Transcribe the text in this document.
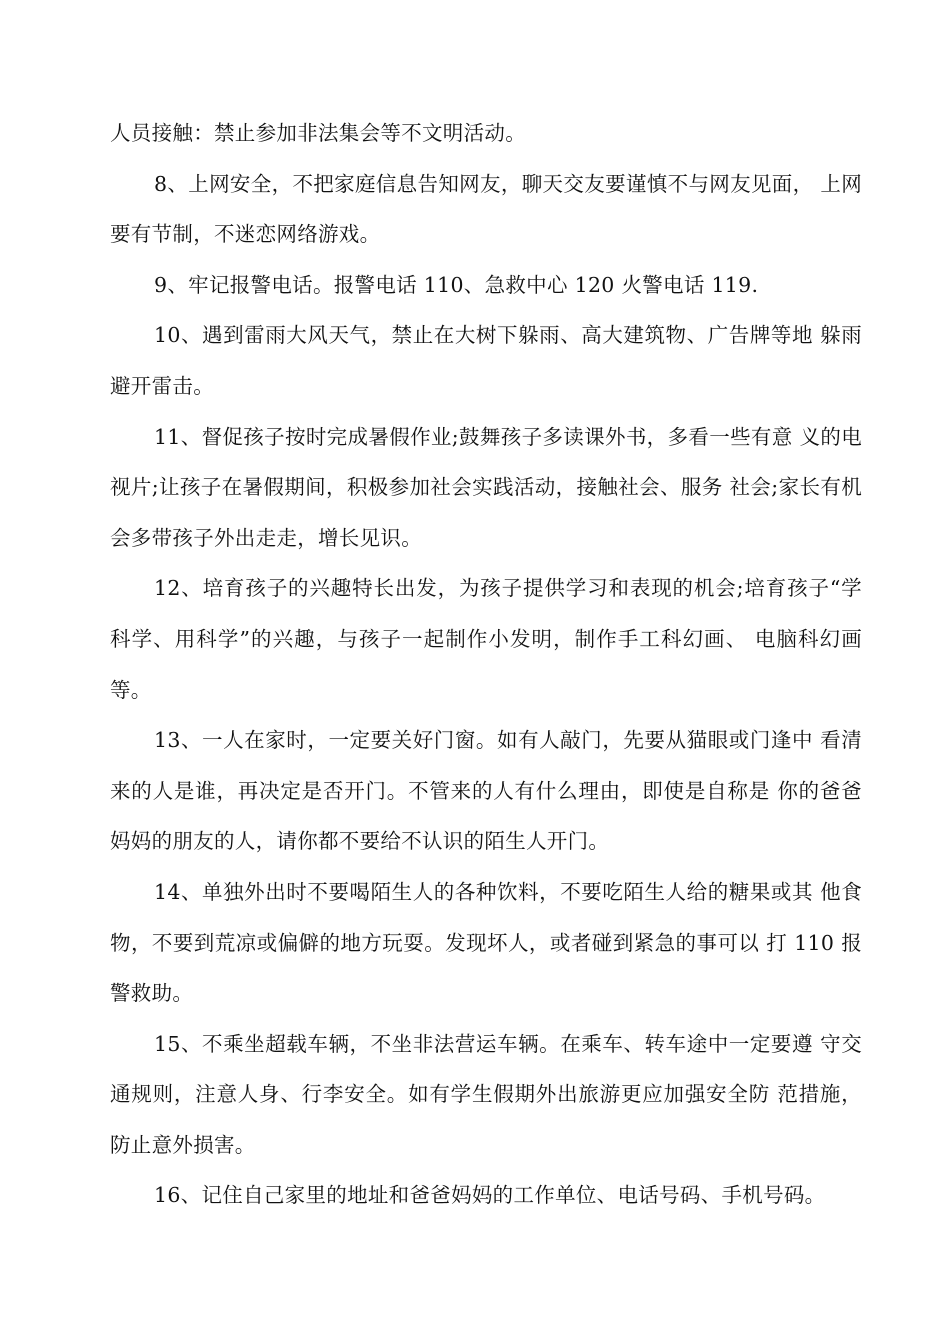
人员接触：禁止参加非法集会等不文明活动。

8、上网安全，不把家庭信息告知网友，聊天交友要谨慎不与网友见面， 上网要有节制，不迷恋网络游戏。

9、牢记报警电话。报警电话 110、急救中心 120 火警电话 119.

10、遇到雷雨大风天气，禁止在大树下躲雨、高大建筑物、广告牌等地 躲雨避开雷击。

11、督促孩子按时完成暑假作业;鼓舞孩子多读课外书，多看一些有意 义的电视片;让孩子在暑假期间，积极参加社会实践活动，接触社会、服务 社会;家长有机会多带孩子外出走走，增长见识。

12、培育孩子的兴趣特长出发，为孩子提供学习和表现的机会;培育孩子“学科学、用科学”的兴趣，与孩子一起制作小发明，制作手工科幻画、 电脑科幻画等。

13、一人在家时，一定要关好门窗。如有人敲门，先要从猫眼或门逢中 看清来的人是谁，再决定是否开门。不管来的人有什么理由，即使是自称是 你的爸爸妈妈的朋友的人，请你都不要给不认识的陌生人开门。

14、单独外出时不要喝陌生人的各种饮料，不要吃陌生人给的糖果或其 他食物，不要到荒凉或偏僻的地方玩耍。发现坏人，或者碰到紧急的事可以 打 110 报警救助。

15、不乘坐超载车辆，不坐非法营运车辆。在乘车、转车途中一定要遵 守交通规则，注意人身、行李安全。如有学生假期外出旅游更应加强安全防 范措施，防止意外损害。

16、记住自己家里的地址和爸爸妈妈的工作单位、电话号码、手机号码。
